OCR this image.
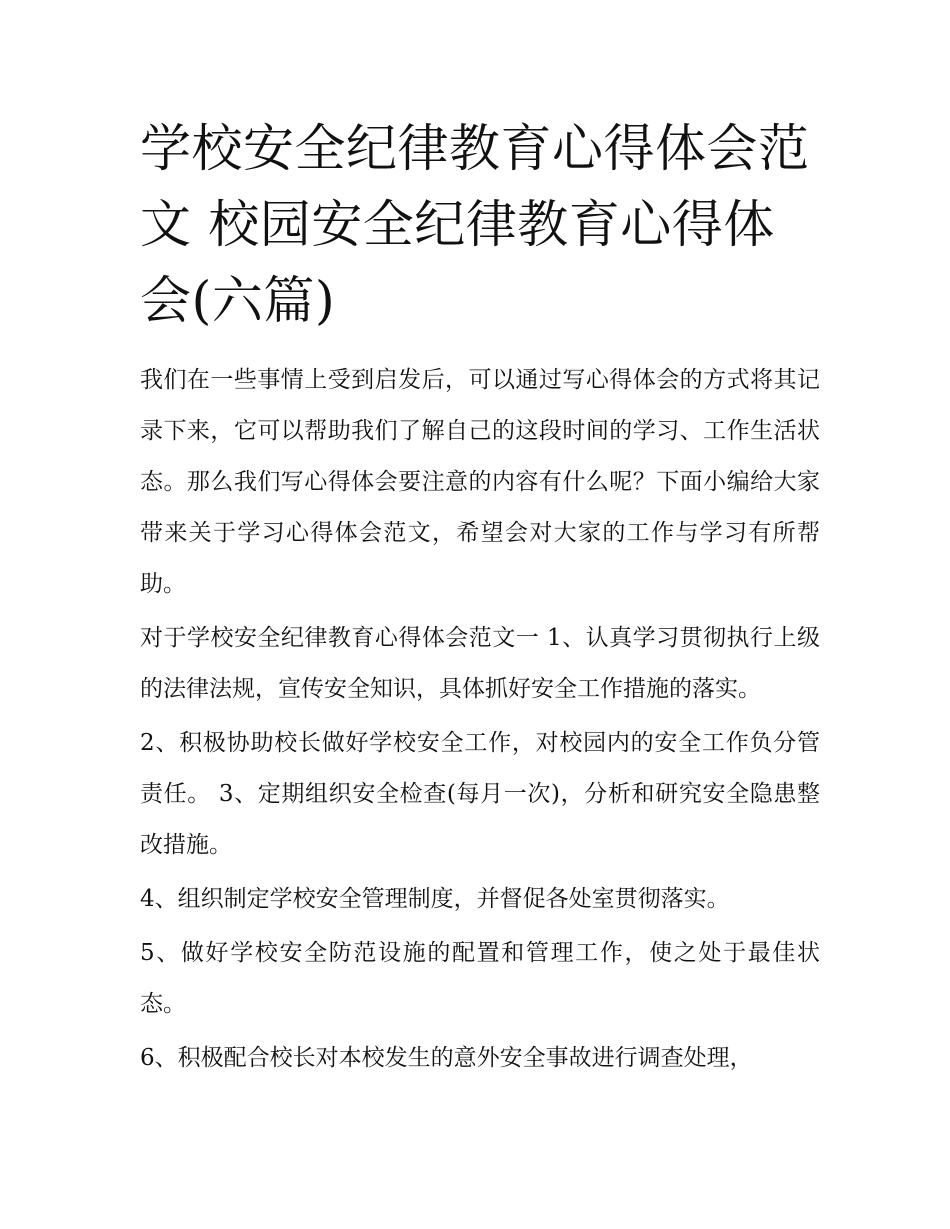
学校安全纪律教育心得体会范文 校园安全纪律教育心得体会(六篇)

我们在一些事情上受到启发后，可以通过写心得体会的方式将其记录下来，它可以帮助我们了解自己的这段时间的学习、工作生活状态。那么我们写心得体会要注意的内容有什么呢？下面小编给大家带来关于学习心得体会范文，希望会对大家的工作与学习有所帮助。

对于学校安全纪律教育心得体会范文一 1、认真学习贯彻执行上级的法律法规，宣传安全知识，具体抓好安全工作措施的落实。

2、积极协助校长做好学校安全工作，对校园内的安全工作负分管责任。 3、定期组织安全检查(每月一次)，分析和研究安全隐患整改措施。

4、组织制定学校安全管理制度，并督促各处室贯彻落实。

5、做好学校安全防范设施的配置和管理工作，使之处于最佳状态。

6、积极配合校长对本校发生的意外安全事故进行调查处理，
